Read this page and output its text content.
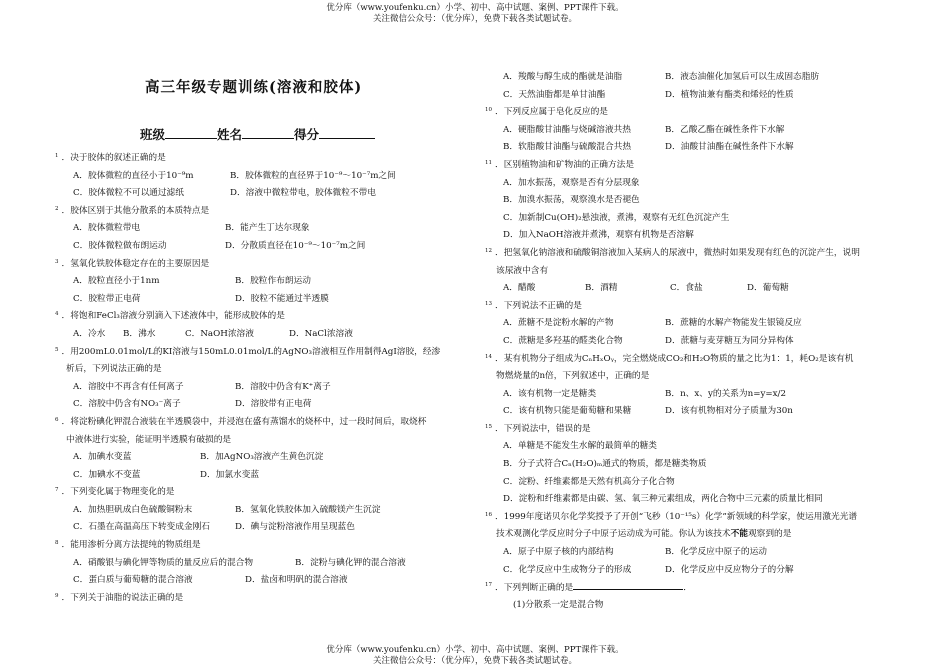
优分库（www.youfenku.cn）小学、初中、高中试题、案例、PPT课件下载。
关注微信公众号：（优分库），免费下载各类试题试卷。
高三年级专题训练(溶液和胶体)
班级	姓名	得分
$^1$ ．决于胶体的叙述正确的是
A．胶体微粒的直径小于10⁻⁹m	B．胶体微粒的直径界于10⁻⁹～10⁻⁷m之间
C．胶体微粒不可以通过滤纸	D．溶液中微粒带电，胶体微粒不带电
$^2$ ．胶体区别于其他分散系的本质特点是
A．胶体微粒带电	B．能产生丁达尔现象
C．胶体微粒做布朗运动	D．分散质直径在10⁻⁹～10⁻⁷m之间
$^3$ ．氢氧化铁胶体稳定存在的主要原因是
A．胶粒直径小于1nm	B．胶粒作布朗运动
C．胶粒带正电荷	D．胶粒不能通过半透膜
$^4$ ．将饱和FeCl₃溶液分别滴入下述液体中，能形成胶体的是
A．冷水 B．沸水	C．NaOH浓溶液	D．NaCl浓溶液
$^5$ ．用200mL0.01mol/L的KI溶液与150mL0.01mol/L的AgNO₃溶液相互作用制得AgI溶胶，经渗
析后，下列说法正确的是
A．溶胶中不再含有任何离子	B．溶胶中仍含有K⁺离子
C．溶胶中仍含有NO₃⁻离子	D．溶胶带有正电荷
$^6$ ．将淀粉碘化钾混合液装在半透膜袋中，并浸泡在盛有蒸馏水的烧杯中，过一段时间后，取烧杯
中液体进行实验，能证明半透膜有破损的是
A．加碘水变蓝	B．加AgNO₃溶液产生黄色沉淀
C．加碘水不变蓝	D．加氯水变蓝
$^7$ ．下列变化属于物理变化的是
A．加热胆矾成白色硫酸铜粉末	B．氢氧化铁胶体加入硫酸镁产生沉淀
C．石墨在高温高压下转变成金刚石	D．碘与淀粉溶液作用呈现蓝色
$^8$ ．能用渗析分离方法提纯的物质组是
A．硝酸银与碘化钾等物质的量反应后的混合物	B．淀粉与碘化钾的混合溶液
C．蛋白质与葡萄糖的混合溶液	D．盐卤和明矾的混合溶液
$^9$ ．下列关于油脂的说法正确的是
A．羧酸与醇生成的酯就是油脂	B．液态油催化加氢后可以生成固态脂肪
C．天然油脂都是单甘油酯	D．植物油兼有酯类和烯烃的性质
$^{10}$ ．下列反应属于皂化反应的是
A．硬脂酸甘油酯与烧碱溶液共热	B．乙酸乙酯在碱性条件下水解
B．软脂酸甘油酯与硫酸混合共热	D．油酸甘油酯在碱性条件下水解
$^{11}$ ．区别植物油和矿物油的正确方法是
A．加水振荡，观察是否有分层现象
B．加溴水振荡，观察溴水是否褪色
C．加新制Cu(OH)₂悬浊液，煮沸，观察有无红色沉淀产生
D．加入NaOH溶液并煮沸，观察有机物是否溶解
$^{12}$ ．把氢氧化钠溶液和硫酸铜溶液加入某病人的尿液中，微热时如果发现有红色的沉淀产生，说明
该尿液中含有
A．醋酸	B．酒精	C．食盐	D．葡萄糖
$^{13}$ ．下列说法不正确的是
A．蔗糖不是淀粉水解的产物	B．蔗糖的水解产物能发生银镜反应
C．蔗糖是多羟基的醛类化合物	D．蔗糖与麦芽糖互为同分异构体
$^{14}$ ．某有机物分子组成为CₙHₓOᵧ，完全燃烧成CO₂和H₂O物质的量之比为1：1，耗O₂是该有机
物燃烧量的n倍，下列叙述中，正确的是
A．该有机物一定是糖类	B．n、x、y的关系为n=y=x/2
C．该有机物只能是葡萄糖和果糖	D．该有机物相对分子质量为30n
$^{15}$ ．下列说法中，错误的是
A．单糖是不能发生水解的最简单的糖类
B．分子式符合Cₙ(H₂O)ₘ通式的物质，都是糖类物质
C．淀粉、纤维素都是天然有机高分子化合物
D．淀粉和纤维素都是由碳、氢、氧三种元素组成，两化合物中三元素的质量比相同
$^{16}$ ．1999年度诺贝尔化学奖授予了开创“飞秒（10⁻¹⁵s）化学”新领域的科学家，使运用激光光谱
技术观测化学反应时分子中原子运动成为可能。你认为该技术不能观察到的是
A．原子中原子核的内部结构	B．化学反应中原子的运动
C．化学反应中生成物分子的形成	D．化学反应中反应物分子的分解
$^{17}$ ．下列判断正确的是	．
(1)分散系一定是混合物
优分库（www.youfenku.cn）小学、初中、高中试题、案例、PPT课件下载。
关注微信公众号：（优分库），免费下载各类试题试卷。
